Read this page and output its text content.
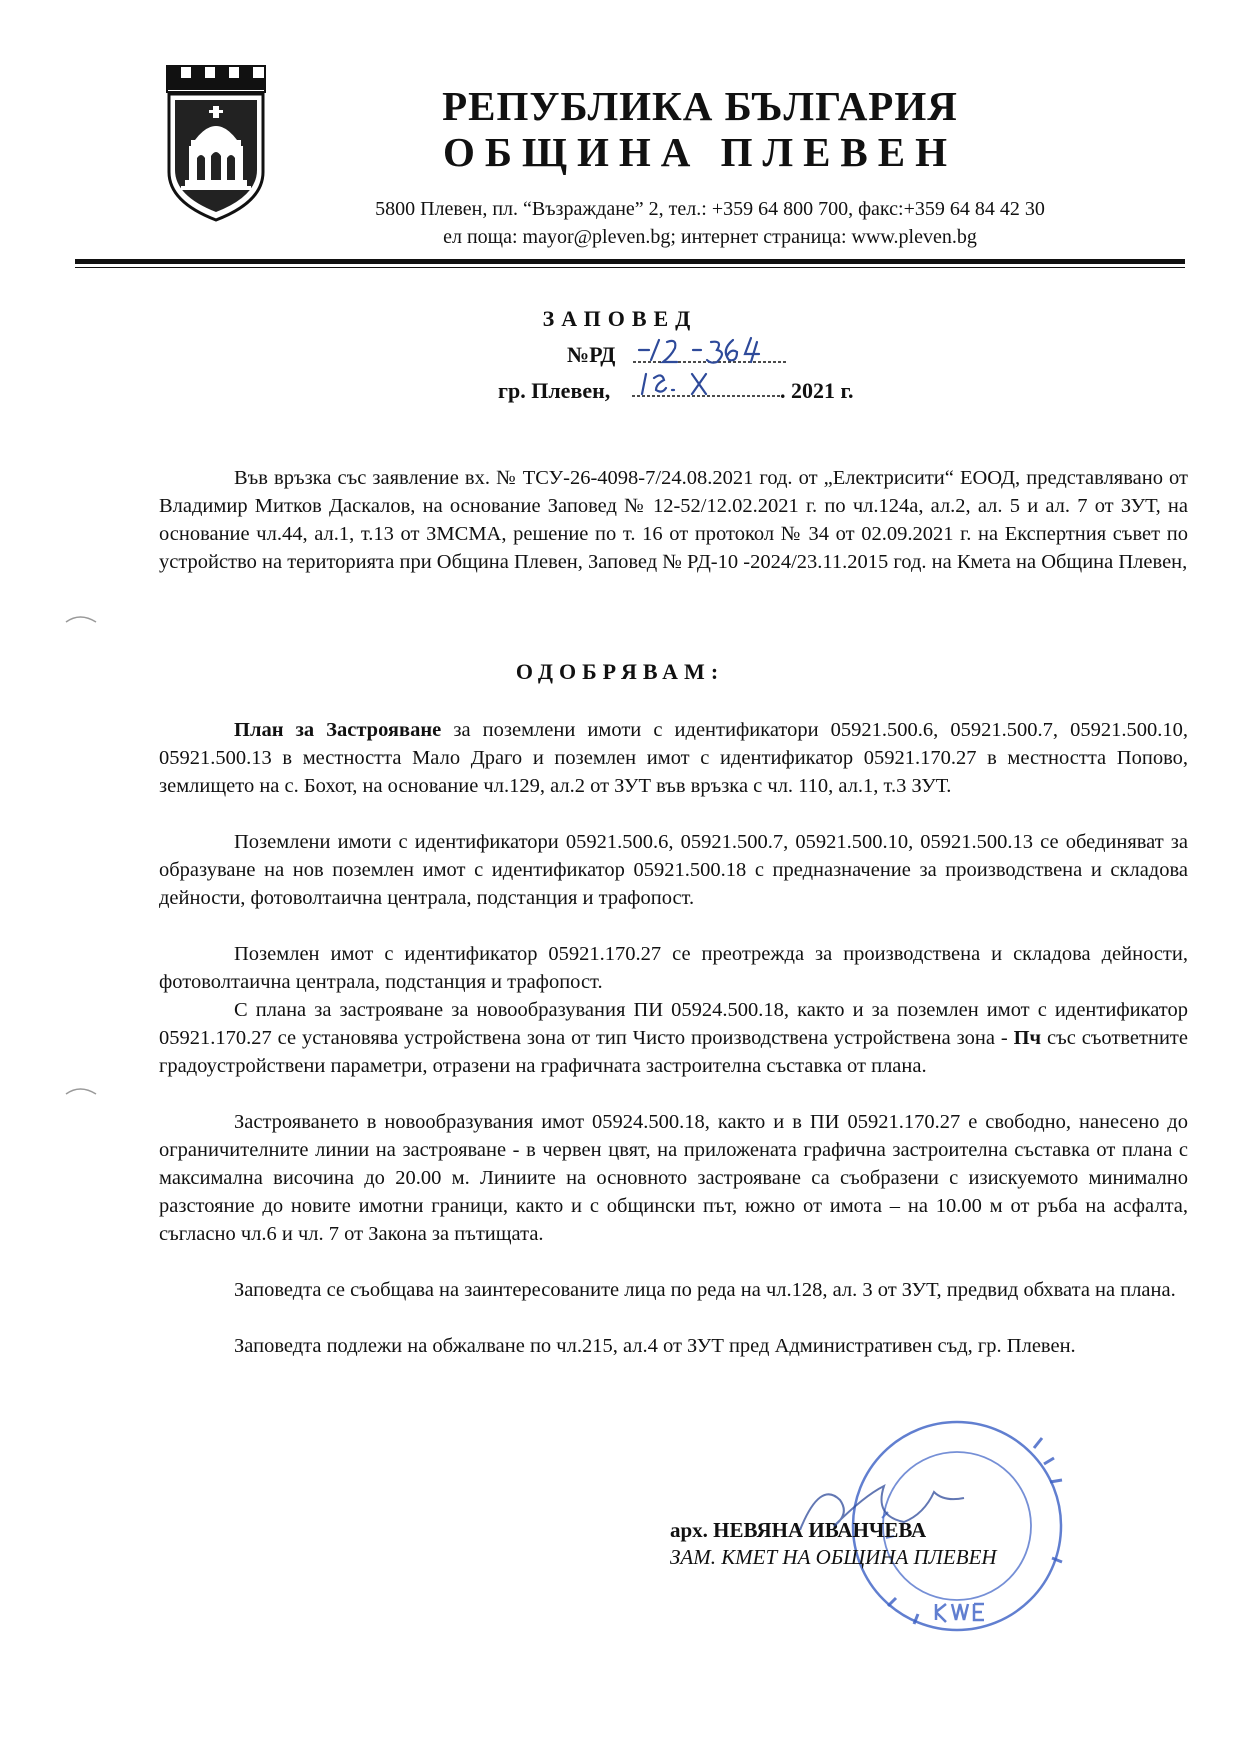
РЕПУБЛИКА БЪЛГАРИЯ
ОБЩИНА ПЛЕВЕН
5800 Плевен, пл. “Възраждане” 2, тел.: +359 64 800 700, факс:+359 64 84 42 30
ел поща: mayor@pleven.bg; интернет страница: www.pleven.bg
ЗАПОВЕД
№РД
гр. Плевен,	. 2021 г.
Във връзка със заявление вх. № ТСУ-26-4098-7/24.08.2021 год. от „Електрисити“ ЕООД, представлявано от Владимир Митков Даскалов, на основание Заповед № 12-52/12.02.2021 г. по чл.124а, ал.2, ал. 5 и ал. 7 от ЗУТ, на основание чл.44, ал.1, т.13 от ЗМСМА, решение по т. 16 от протокол № 34 от 02.09.2021 г. на Експертния съвет по устройство на територията при Община Плевен, Заповед № РД-10 -2024/23.11.2015 год. на Кмета на Община Плевен,
ОДОБРЯВАМ:
План за Застрояване за поземлени имоти с идентификатори 05921.500.6, 05921.500.7, 05921.500.10, 05921.500.13 в местността Мало Драго и поземлен имот с идентификатор 05921.170.27 в местността Попово, землището на с. Бохот, на основание чл.129, ал.2 от ЗУТ във връзка с чл. 110, ал.1, т.3 ЗУТ.
Поземлени имоти с идентификатори 05921.500.6, 05921.500.7, 05921.500.10, 05921.500.13 се обединяват за образуване на нов поземлен имот с идентификатор 05921.500.18 с предназначение за производствена и складова дейности, фотоволтаична централа, подстанция и трафопост.
Поземлен имот с идентификатор 05921.170.27 се преотрежда за производствена и складова дейности, фотоволтаична централа, подстанция и трафопост.
С плана за застрояване за новообразувания ПИ 05924.500.18, както и за поземлен имот с идентификатор 05921.170.27 се установява устройствена зона от тип Чисто производствена устройствена зона - Пч със съответните градоустройствени параметри, отразени на графичната застроителна съставка от плана.
Застрояването в новообразувания имот 05924.500.18, както и в ПИ 05921.170.27 е свободно, нанесено до ограничителните линии на застрояване - в червен цвят, на приложената графична застроителна съставка от плана с максимална височина до 20.00 м. Линиите на основното застрояване са съобразени с изискуемото минимално разстояние до новите имотни граници, както и с общински път, южно от имота – на 10.00 м от ръба на асфалта, съгласно чл.6 и чл. 7 от Закона за пътищата.
Заповедта се съобщава на заинтересованите лица по реда на чл.128, ал. 3 от ЗУТ, предвид обхвата на плана.
Заповедта подлежи на обжалване по чл.215, ал.4 от ЗУТ пред Административен съд, гр. Плевен.
арх. НЕВЯНА ИВАНЧЕВА
ЗАМ. КМЕТ НА ОБЩИНА ПЛЕВЕН
